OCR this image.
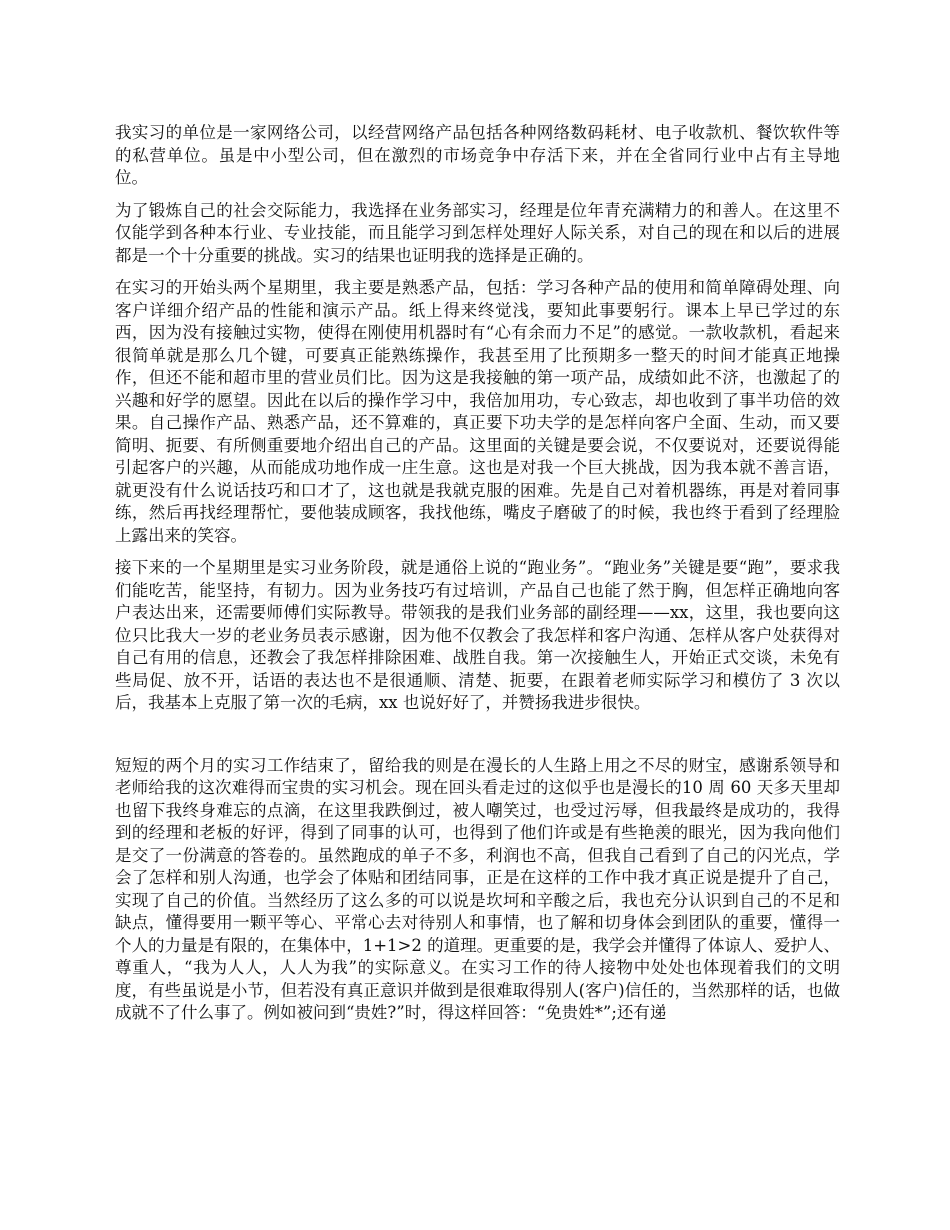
我实习的单位是一家网络公司，以经营网络产品包括各种网络数码耗材、电子收款机、餐饮软件等的私营单位。虽是中小型公司，但在激烈的市场竞争中存活下来，并在全省同行业中占有主导地位。

为了锻炼自己的社会交际能力，我选择在业务部实习，经理是位年青充满精力的和善人。在这里不仅能学到各种本行业、专业技能，而且能学习到怎样处理好人际关系，对自己的现在和以后的进展都是一个十分重要的挑战。实习的结果也证明我的选择是正确的。

在实习的开始头两个星期里，我主要是熟悉产品，包括：学习各种产品的使用和简单障碍处理、向客户详细介绍产品的性能和演示产品。纸上得来终觉浅，要知此事要躬行。课本上早已学过的东西，因为没有接触过实物，使得在刚使用机器时有“心有余而力不足”的感觉。一款收款机，看起来很简单就是那么几个键，可要真正能熟练操作，我甚至用了比预期多一整天的时间才能真正地操作，但还不能和超市里的营业员们比。因为这是我接触的第一项产品，成绩如此不济，也激起了的兴趣和好学的愿望。因此在以后的操作学习中，我倍加用功，专心致志，却也收到了事半功倍的效果。自己操作产品、熟悉产品，还不算难的，真正要下功夫学的是怎样向客户全面、生动，而又要简明、扼要、有所侧重要地介绍出自己的产品。这里面的关键是要会说，不仅要说对，还要说得能引起客户的兴趣，从而能成功地作成一庄生意。这也是对我一个巨大挑战，因为我本就不善言语，就更没有什么说话技巧和口才了，这也就是我就克服的困难。先是自己对着机器练，再是对着同事练，然后再找经理帮忙，要他装成顾客，我找他练，嘴皮子磨破了的时候，我也终于看到了经理脸上露出来的笑容。

接下来的一个星期里是实习业务阶段，就是通俗上说的“跑业务”。“跑业务”关键是要“跑”，要求我们能吃苦，能坚持，有韧力。因为业务技巧有过培训，产品自己也能了然于胸，但怎样正确地向客户表达出来，还需要师傅们实际教导。带领我的是我们业务部的副经理——xx，这里，我也要向这位只比我大一岁的老业务员表示感谢，因为他不仅教会了我怎样和客户沟通、怎样从客户处获得对自己有用的信息，还教会了我怎样排除困难、战胜自我。第一次接触生人，开始正式交谈，未免有些局促、放不开，话语的表达也不是很通顺、清楚、扼要，在跟着老师实际学习和模仿了 3 次以后，我基本上克服了第一次的毛病，xx 也说好好了，并赞扬我进步很快。

短短的两个月的实习工作结束了，留给我的则是在漫长的人生路上用之不尽的财宝，感谢系领导和老师给我的这次难得而宝贵的实习机会。现在回头看走过的这似乎也是漫长的10 周 60 天多天里却也留下我终身难忘的点滴，在这里我跌倒过，被人嘲笑过，也受过污辱，但我最终是成功的，我得到的经理和老板的好评，得到了同事的认可，也得到了他们许或是有些艳羡的眼光，因为我向他们是交了一份满意的答卷的。虽然跑成的单子不多，利润也不高，但我自己看到了自己的闪光点，学会了怎样和别人沟通，也学会了体贴和团结同事，正是在这样的工作中我才真正说是提升了自己，实现了自己的价值。当然经历了这么多的可以说是坎坷和辛酸之后，我也充分认识到自己的不足和缺点，懂得要用一颗平等心、平常心去对待别人和事情，也了解和切身体会到团队的重要，懂得一个人的力量是有限的，在集体中，1+1>2 的道理。更重要的是，我学会并懂得了体谅人、爱护人、尊重人，“我为人人，人人为我”的实际意义。在实习工作的待人接物中处处也体现着我们的文明度，有些虽说是小节，但若没有真正意识并做到是很难取得别人(客户)信任的，当然那样的话，也做成就不了什么事了。例如被问到“贵姓?”时，得这样回答：“免贵姓*”;还有递
